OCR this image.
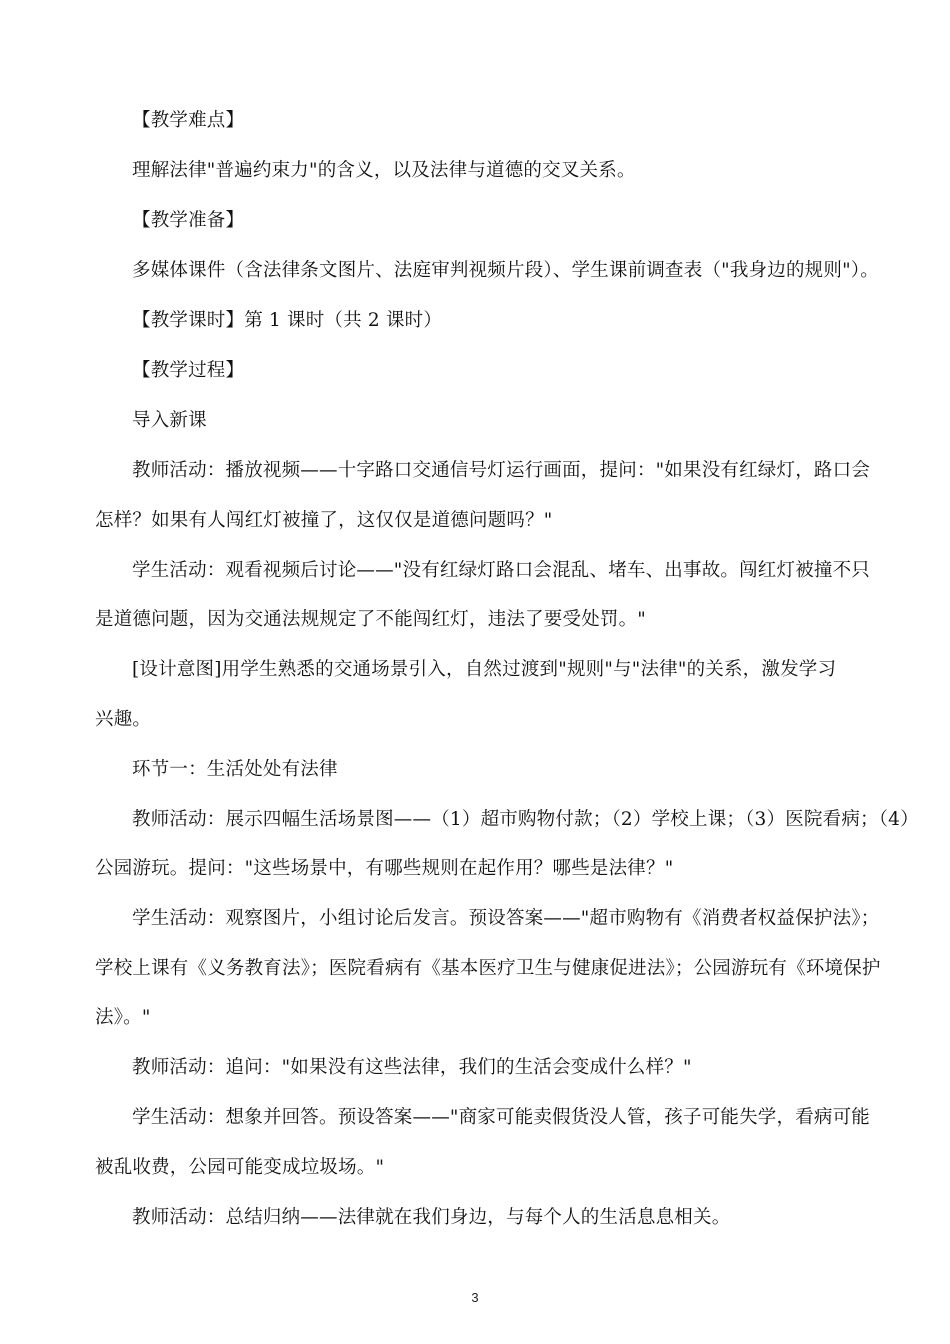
【教学难点】
理解法律"普遍约束力"的含义，以及法律与道德的交叉关系。
【教学准备】
多媒体课件（含法律条文图片、法庭审判视频片段）、学生课前调查表（"我身边的规则"）。
【教学课时】第 1 课时（共 2 课时）
【教学过程】
导入新课
教师活动：播放视频——十字路口交通信号灯运行画面，提问："如果没有红绿灯，路口会
怎样？如果有人闯红灯被撞了，这仅仅是道德问题吗？"
学生活动：观看视频后讨论——"没有红绿灯路口会混乱、堵车、出事故。闯红灯被撞不只
是道德问题，因为交通法规规定了不能闯红灯，违法了要受处罚。"
[设计意图]用学生熟悉的交通场景引入，自然过渡到"规则"与"法律"的关系，激发学习
兴趣。
环节一：生活处处有法律
教师活动：展示四幅生活场景图——（1）超市购物付款；（2）学校上课；（3）医院看病；（4）
公园游玩。提问："这些场景中，有哪些规则在起作用？哪些是法律？"
学生活动：观察图片，小组讨论后发言。预设答案——"超市购物有《消费者权益保护法》；
学校上课有《义务教育法》；医院看病有《基本医疗卫生与健康促进法》；公园游玩有《环境保护
法》。"
教师活动：追问："如果没有这些法律，我们的生活会变成什么样？"
学生活动：想象并回答。预设答案——"商家可能卖假货没人管，孩子可能失学，看病可能
被乱收费，公园可能变成垃圾场。"
教师活动：总结归纳——法律就在我们身边，与每个人的生活息息相关。
3
